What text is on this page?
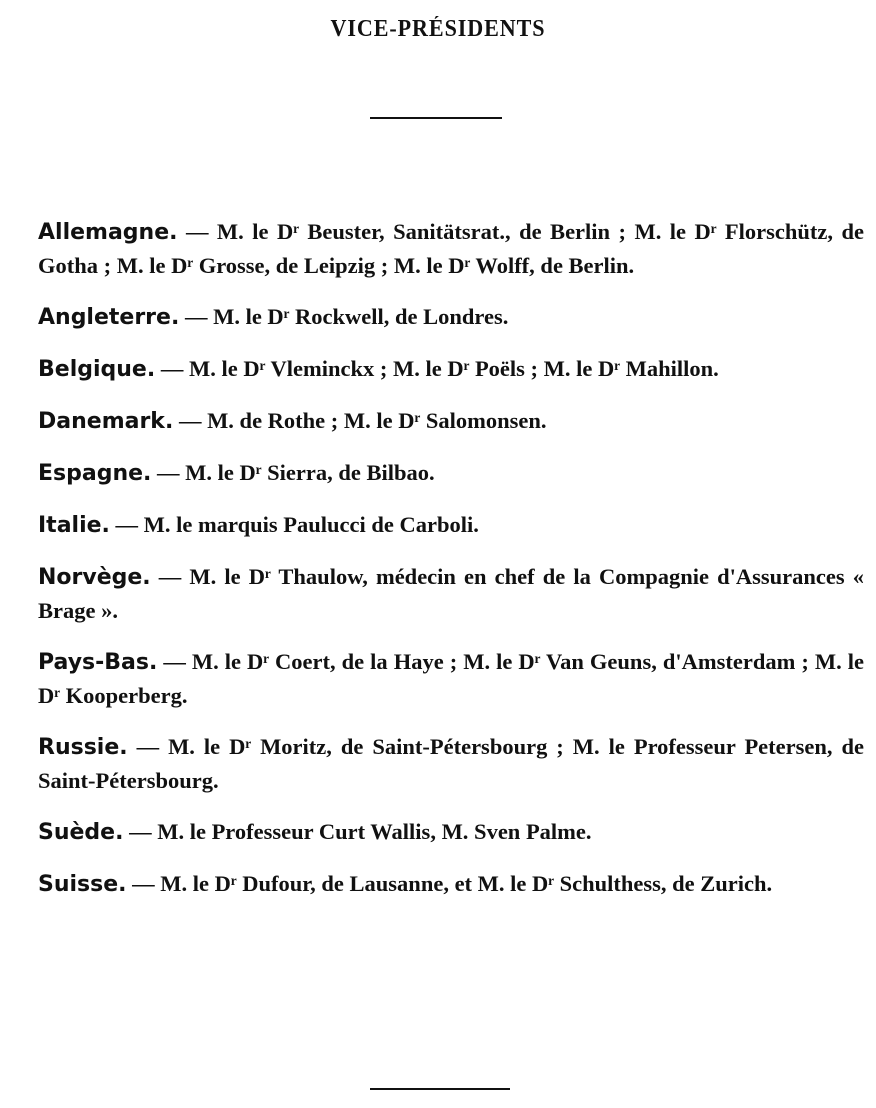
VICE-PRÉSIDENTS

Allemagne. — M. le Dʳ Beuster, Sanitätsrat., de Berlin ; M. le Dʳ Florschütz, de Gotha ; M. le Dʳ Grosse, de Leipzig ; M. le Dʳ Wolff, de Berlin.

Angleterre. — M. le Dʳ Rockwell, de Londres.

Belgique. — M. le Dʳ Vleminckx ; M. le Dʳ Poëls ; M. le Dʳ Mahillon.

Danemark. — M. de Rothe ; M. le Dʳ Salomonsen.

Espagne. — M. le Dʳ Sierra, de Bilbao.

Italie. — M. le marquis Paulucci de Carboli.

Norvège. — M. le Dʳ Thaulow, médecin en chef de la Compagnie d'Assurances « Brage ».

Pays-Bas. — M. le Dʳ Coert, de la Haye ; M. le Dʳ Van Geuns, d'Amsterdam ; M. le Dʳ Kooperberg.

Russie. — M. le Dʳ Moritz, de Saint-Pétersbourg ; M. le Professeur Petersen, de Saint-Pétersbourg.

Suède. — M. le Professeur Curt Wallis, M. Sven Palme.

Suisse. — M. le Dʳ Dufour, de Lausanne, et M. le Dʳ Schulthess, de Zurich.
